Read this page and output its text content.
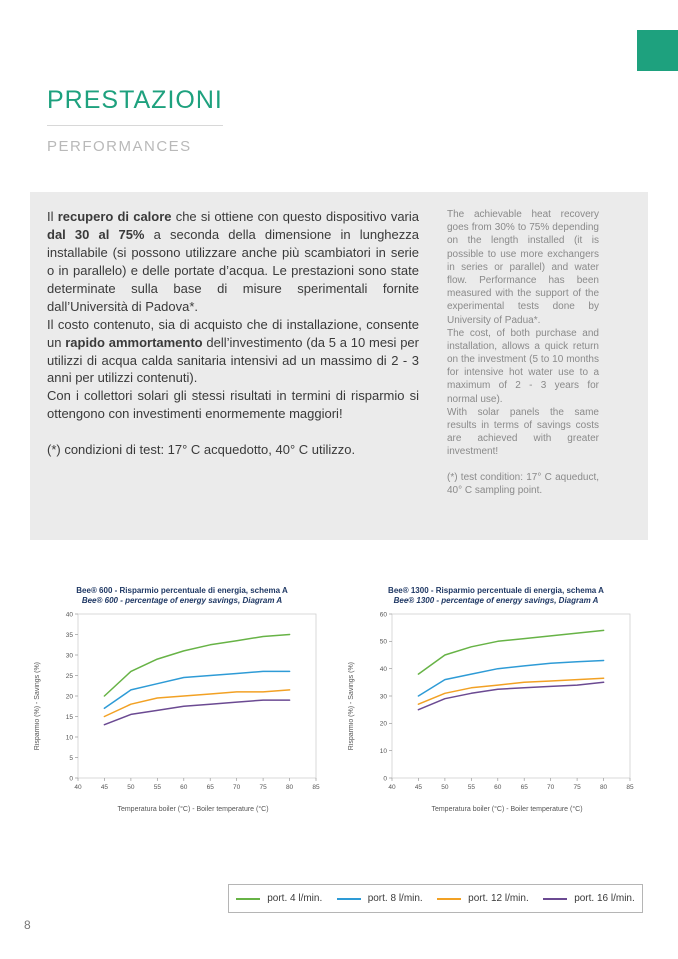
PRESTAZIONI
PERFORMANCES

Il recupero di calore che si ottiene con questo dispositivo varia dal 30 al 75% a seconda della dimensione in lunghezza installabile (si possono utilizzare anche più scambiatori in serie o in parallelo) e delle portate d’acqua. Le prestazioni sono state determinate sulla base di misure sperimentali fornite dall’Università di Padova*.

Il costo contenuto, sia di acquisto che di installazione, consente un rapido ammortamento dell’investimento (da 5 a 10 mesi per utilizzi di acqua calda sanitaria intensivi ad un massimo di 2 - 3 anni per utilizzi contenuti).

Con i collettori solari gli stessi risultati in termini di risparmio si ottengono con investimenti enormemente maggiori!

(*) condizioni di test: 17° C acquedotto, 40° C utilizzo.

The achievable heat recovery goes from 30% to 75% depending on the length installed (it is possible to use more exchangers in series or parallel) and water flow. Performance has been measured with the support of the experimental tests done by University of Padua*.

The cost, of both purchase and installation, allows a quick return on the investment (5 to 10 months for intensive hot water use to a maximum of 2 - 3 years for normal use).

With solar panels the same results in terms of savings costs are achieved with greater investment!

(*) test condition: 17° C aqueduct, 40° C sampling point.

Bee® 600 - Risparmio percentuale di energia, schema A
Bee® 600 - percentage of energy savings, Diagram A
Risparmio (%) - Savings (%)
40	45	50	55	60	65	70	75	80	85
0
5
10
15
20
25
30
35
40
Temperatura boiler (°C) - Boiler temperature (°C)
Bee® 1300 - Risparmio percentuale di energia, schema A
Bee® 1300 - percentage of energy savings, Diagram A
Risparmio (%) - Savings (%)
40	45	50	55	60	65	70	75	80	85
0
10
20
30
40
50
60
Temperatura boiler (°C) - Boiler temperature (°C)
port. 4 l/min.	port. 8 l/min.	port. 12 l/min.	port. 16 l/min.
8
